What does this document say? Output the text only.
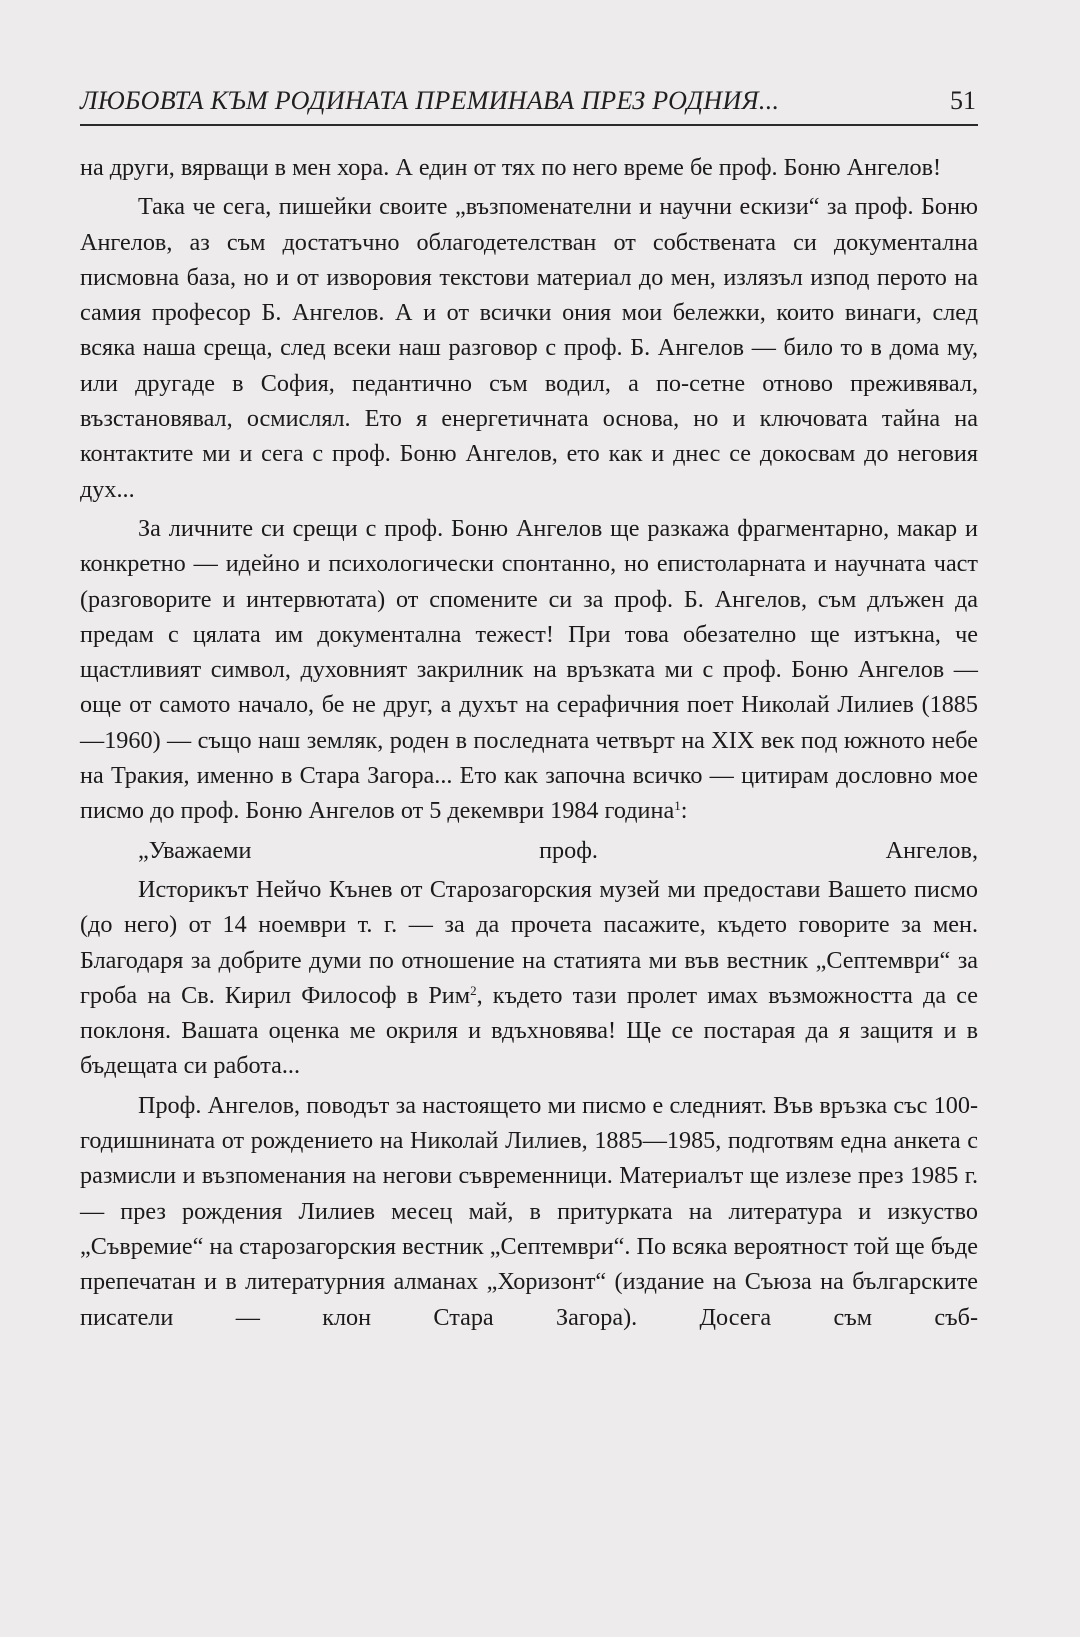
ЛЮБОВТА КЪМ РОДИНАТА ПРЕМИНАВА ПРЕЗ РОДНИЯ...	51

на други, вярващи в мен хора. А един от тях по него време бе проф. Боню Ангелов!

Така че сега, пишейки своите „възпоменателни и научни ескизи“ за проф. Боню Ангелов, аз съм достатъчно облагодетелстван от собствената си документална писмовна база, но и от изворовия текстови материал до мен, излязъл изпод перото на самия професор Б. Ангелов. А и от всички ония мои бележки, които винаги, след всяка наша среща, след всеки наш разговор с проф. Б. Ангелов — било то в дома му, или другаде в София, педантично съм водил, а по-сетне отново преживявал, възстановявал, осмислял. Ето я енергетичната основа, но и ключовата тайна на контактите ми и сега с проф. Боню Ангелов, ето как и днес се докосвам до неговия дух...

За личните си срещи с проф. Боню Ангелов ще разкажа фрагментарно, макар и конкретно — идейно и психологически спонтанно, но епистоларната и научната част (разговорите и интервютата) от спомените си за проф. Б. Ангелов, съм длъжен да предам с цялата им документална тежест! При това обезателно ще изтъкна, че щастливият символ, духовният закрилник на връзката ми с проф. Боню Ангелов — още от самото начало, бе не друг, а духът на серафичния поет Николай Лилиев (1885—1960) — също наш земляк, роден в последната четвърт на XIX век под южното небе на Тракия, именно в Стара Загора... Ето как започна всичко — цитирам дословно мое писмо до проф. Боню Ангелов от 5 декември 1984 година$^1$:

„Уважаеми проф. Ангелов,

Историкът Нейчо Кънев от Старозагорския музей ми предостави Вашето писмо (до него) от 14 ноември т. г. — за да прочета пасажите, където говорите за мен. Благодаря за добрите думи по отношение на статията ми във вестник „Септември“ за гроба на Св. Кирил Философ в Рим$^2$, където тази пролет имах възможността да се поклоня. Вашата оценка ме окриля и вдъхновява! Ще се постарая да я защитя и в бъдещата си работа...

Проф. Ангелов, поводът за настоящето ми писмо е следният. Във връзка със 100-годишнината от рождението на Николай Лилиев, 1885—1985, подготвям една анкета с размисли и възпоменания на негови съвременници. Материалът ще излезе през 1985 г. — през рождения Лилиев месец май, в притурката на литература и изкуство „Съвремие“ на старозагорския вестник „Септември“. По всяка вероятност той ще бъде препечатан и в литературния алманах „Хоризонт“ (издание на Съюза на българските писатели — клон Стара Загора). Досега съм съб-
